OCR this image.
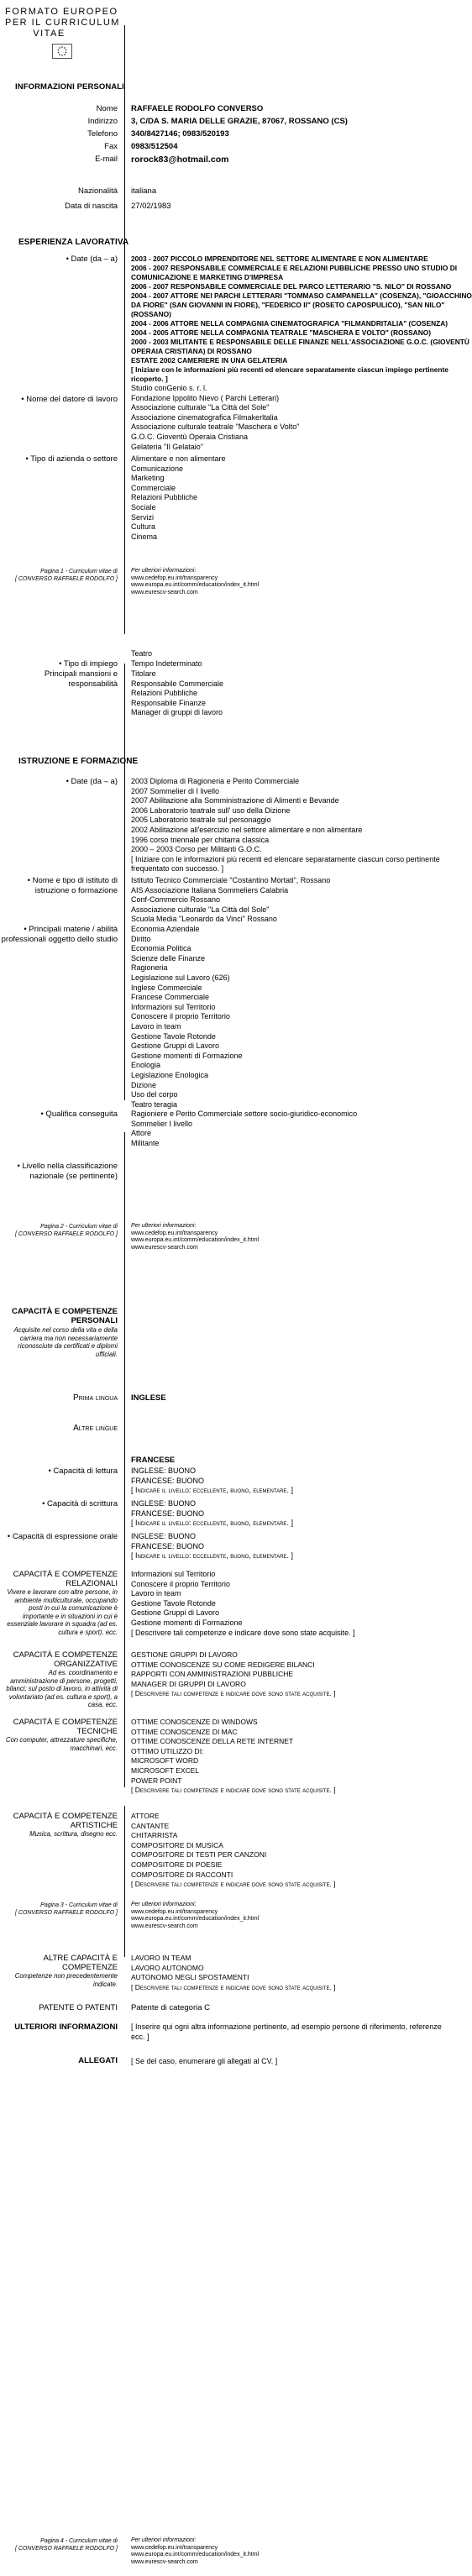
FORMATO EUROPEO
PER IL CURRICULUM
VITAE
INFORMAZIONI PERSONALI
Nome RAFFAELE RODOLFO CONVERSO
Indirizzo 3, C/DA S. MARIA DELLE GRAZIE, 87067, ROSSANO (CS)
Telefono 340/8427146; 0983/520193
Fax 0983/512504
E-mail rorock83@hotmail.com
Nazionalità italiana
Data di nascita 27/02/1983
ESPERIENZA LAVORATIVA
• Date (da – a) 2003 - 2007 PICCOLO IMPRENDITORE NEL SETTORE ALIMENTARE E NON ALIMENTARE
2006 - 2007 RESPONSABILE COMMERCIALE E RELAZIONI PUBBLICHE PRESSO UNO STUDIO DI
COMUNICAZIONE E MARKETING D'IMPRESA
2006 - 2007 RESPONSABILE COMMERCIALE DEL PARCO LETTERARIO "S. NILO" DI ROSSANO
2004 - 2007 ATTORE NEI PARCHI LETTERARI "TOMMASO CAMPANELLA" (COSENZA), "GIOACCHINO
DA FIORE" (SAN GIOVANNI IN FIORE), "FEDERICO II" (ROSETO CAPOSPULICO), "SAN NILO"
(ROSSANO)
2004 - 2006 ATTORE NELLA COMPAGNIA CINEMATOGRAFICA "FILMANDRITALIA" (COSENZA)
2004 - 2005 ATTORE NELLA COMPAGNIA TEATRALE "MASCHERA E VOLTO" (ROSSANO)
2000 - 2003 MILITANTE E RESPONSABILE DELLE FINANZE NELL'ASSOCIAZIONE G.O.C. (GIOVENTÙ
OPERAIA CRISTIANA) DI ROSSANO
ESTATE 2002 CAMERIERE IN UNA GELATERIA
[ Iniziare con le informazioni più recenti ed elencare separatamente ciascun impiego pertinente
ricoperto. ]
• Nome del datore di lavoro
Studio conGenio s. r. l.
Fondazione Ippolito Nievo ( Parchi Letterari)
Associazione culturale "La Città del Sole"
Associazione cinematografica Filmakerltalia
Associazione culturale teatrale "Maschera e Volto"
G.O.C. Gioventù Operaia Cristiana
Gelateria "Il Gelataio"
• Tipo di azienda o settore Alimentare e non alimentare
Comunicazione
Marketing
Commerciale
Relazioni Pubbliche
Sociale
Servizi
Cultura
Cinema
Pagina 1 - Curriculum vitae di
[ CONVERSO RAFFAELE RODOLFO ]
Per ulteriori informazioni:
www.cedefop.eu.int/transparency
www.europa.eu.int/comm/education/index_it.html
www.eurescv-search.com
• Tipo di impiego
Teatro
Tempo Indeterminato
Principali mansioni e responsabilità
Titolare
Responsabile Commerciale
Relazioni Pubbliche
Responsabile Finanze
Manager di gruppi di lavoro
ISTRUZIONE E FORMAZIONE
• Date (da – a) 2003 Diploma di Ragioneria e Perito Commerciale
2007 Sommelier di I livello
2007 Abilitazione alla Somministrazione di Alimenti e Bevande
2006 Laboratorio teatrale sull' uso della Dizione
2005 Laboratorio teatrale sul personaggio
2002 Abilitazione all'esercizio nel settore alimentare e non alimentare
1996 corso triennale per chitarra classica
2000 – 2003 Corso per Militanti G.O.C.
[ Iniziare con le informazioni più recenti ed elencare separatamente ciascun corso pertinente
frequentato con successo. ]
• Nome e tipo di istituto di istruzione o formazione
Istituto Tecnico Commerciale "Costantino Mortati", Rossano
AIS Associazione Italiana Sommeliers Calabria
Conf-Commercio Rossano
Associazione culturale "La Città del Sole"
Scuola Media "Leonardo da Vinci" Rossano
• Principali materie / abilità professionali oggetto dello studio
Economia Aziendale
Diritto
Economia Politica
Scienze delle Finanze
Ragioneria
Legislazione sul Lavoro (626)
Inglese Commerciale
Francese Commerciale
Informazioni sul Territorio
Conoscere il proprio Territorio
Lavoro in team
Gestione Tavole Rotonde
Gestione Gruppi di Lavoro
Gestione momenti di Formazione
Enologia
Legislazione Enologica
Dizione
Uso del corpo
Teatro teragia
• Qualifica conseguita Ragioniere e Perito Commerciale settore socio-giuridico-economico
Sommelier I livello
Attore
Militante
• Livello nella classificazione nazionale (se pertinente)
Pagina 2 - Curriculum vitae di
[ CONVERSO RAFFAELE RODOLFO ]
Per ulteriori informazioni:
www.cedefop.eu.int/transparency
www.europa.eu.int/comm/education/index_it.html
www.eurescv-search.com
CAPACITÀ E COMPETENZE
PERSONALI
Acquisite nel corso della vita e della carriera ma non necessariamente riconosciute da certificati e diplomi ufficiali.
Prima lingua INGLESE
Altre lingue
FRANCESE
• Capacità di lettura INGLESE: BUONO
FRANCESE: BUONO
[ Indicare il livello: eccellente, buono, elementare. ]
• Capacità di scrittura INGLESE: BUONO
FRANCESE: BUONO
[ Indicare il livello: eccellente, buono, elementare. ]
• Capacità di espressione orale INGLESE: BUONO
FRANCESE: BUONO
[ Indicare il livello: eccellente, buono, elementare. ]
CAPACITÀ E COMPETENZE RELAZIONALI
Vivere e lavorare con altre persone, in ambiente multiculturale, occupando posti in cui la comunicazione è importante e in situazioni in cui è essenziale lavorare in squadra (ad es. cultura e sport), ecc.
Informazioni sul Territorio
Conoscere il proprio Territorio
Lavoro in team
Gestione Tavole Rotonde
Gestione Gruppi di Lavoro
Gestione momenti di Formazione
[ Descrivere tali competenze e indicare dove sono state acquisite. ]
CAPACITÀ E COMPETENZE ORGANIZZATIVE
Ad es. coordinamento e amministrazione di persone, progetti, bilanci; sul posto di lavoro, in attività di volontariato (ad es. cultura e sport), a casa, ecc.
GESTIONE GRUPPI DI LAVORO
OTTIME CONOSCENZE SU COME REDIGERE BILANCI
RAPPORTI CON AMMINISTRAZIONI PUBBLICHE
MANAGER DI GRUPPI DI LAVORO
[ Descrivere tali competenze e indicare dove sono state acquisite. ]
CAPACITÀ E COMPETENZE TECNICHE
Con computer, attrezzature specifiche, macchinari, ecc.
OTTIME CONOSCENZE DI WINDOWS
OTTIME CONOSCENZE DI MAC
OTTIME CONOSCENZE DELLA RETE INTERNET
OTTIMO UTILIZZO DI:
MICROSOFT WORD
MICROSOFT EXCEL
POWER POINT
[ Descrivere tali competenze e indicare dove sono state acquisite. ]
CAPACITÀ E COMPETENZE ARTISTICHE
Musica, scrittura, disegno ecc.
ATTORE
CANTANTE
CHITARRISTA
COMPOSITORE DI MUSICA
COMPOSITORE DI TESTI PER CANZONI
COMPOSITORE DI POESIE
COMPOSITORE DI RACCONTI
[ Descrivere tali competenze e indicare dove sono state acquisite. ]
Pagina 3 - Curriculum vitae di
[ CONVERSO RAFFAELE RODOLFO ]
Per ulteriori informazioni:
www.cedefop.eu.int/transparency
www.europa.eu.int/comm/education/index_it.html
www.eurescv-search.com
ALTRE CAPACITÀ E COMPETENZE
Competenze non precedentemente indicate.
LAVORO IN TEAM
LAVORO AUTONOMO
AUTONOMO NEGLI SPOSTAMENTI
[ Descrivere tali competenze e indicare dove sono state acquisite. ]
PATENTE O PATENTI Patente di categoria C
ULTERIORI INFORMAZIONI [ Inserire qui ogni altra informazione pertinente, ad esempio persone di riferimento, referenze
ecc. ]
ALLEGATI [ Se del caso, enumerare gli allegati al CV. ]
Pagina 4 - Curriculum vitae di
[ CONVERSO RAFFAELE RODOLFO ]
Per ulteriori informazioni:
www.cedefop.eu.int/transparency
www.europa.eu.int/comm/education/index_it.html
www.eurescv-search.com
